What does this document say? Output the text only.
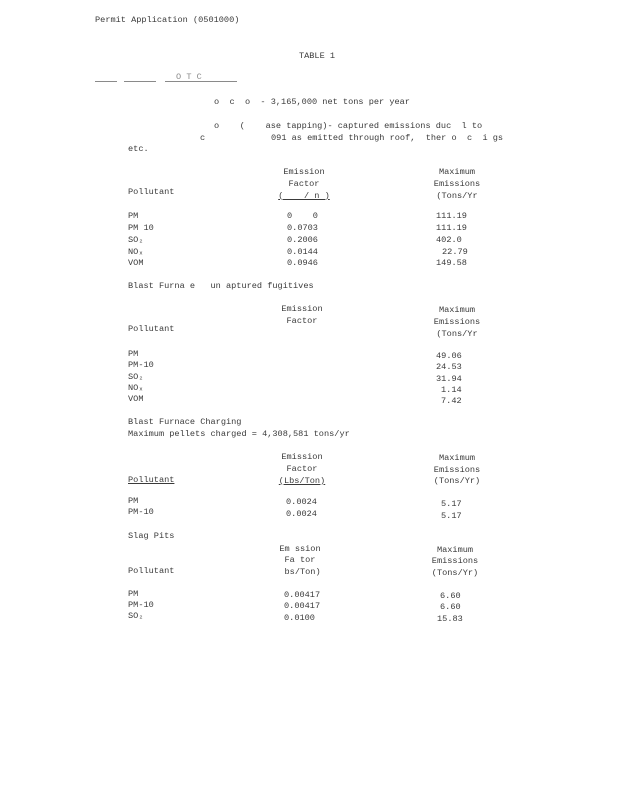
Permit Application (0501000)
TABLE 1
O T C
o  c  o  - 3,165,000 net tons per year
o    (    ase tapping)- captured emissions duc  l to
c	091 as emitted through roof,  ther o  c  i gs
etc.
Emission
Factor
(    / n )
Maximum
Emissions
(Tons/Yr
Pollutant
PM	0    0	111.19
PM 10	0.0703	111.19
SO₂	0.2006	402.0
NOₓ	0.0144	22.79
VOM	0.0946	149.58
Blast Furna e   un aptured fugitives
Emission
Factor
Maximum
Emissions
(Tons/Yr
Pollutant
PM	49.06
PM-10	24.53
SO₂	31.94
NOₓ	1.14
VOM	7.42
Blast Furnace Charging
Maximum pellets charged = 4,308,581 tons/yr
Emission
Factor
(Lbs/Ton)
Maximum
Emissions
(Tons/Yr)
Pollutant
PM	0.0024	5.17
PM-10	0.0024	5.17
Slag Pits
Em ssion
Fa tor
bs/Ton)
Maximum
Emissions
(Tons/Yr)
Pollutant
PM	0.00417	6.60
PM-10	0.00417	6.60
SO₂	0.0100	15.83
